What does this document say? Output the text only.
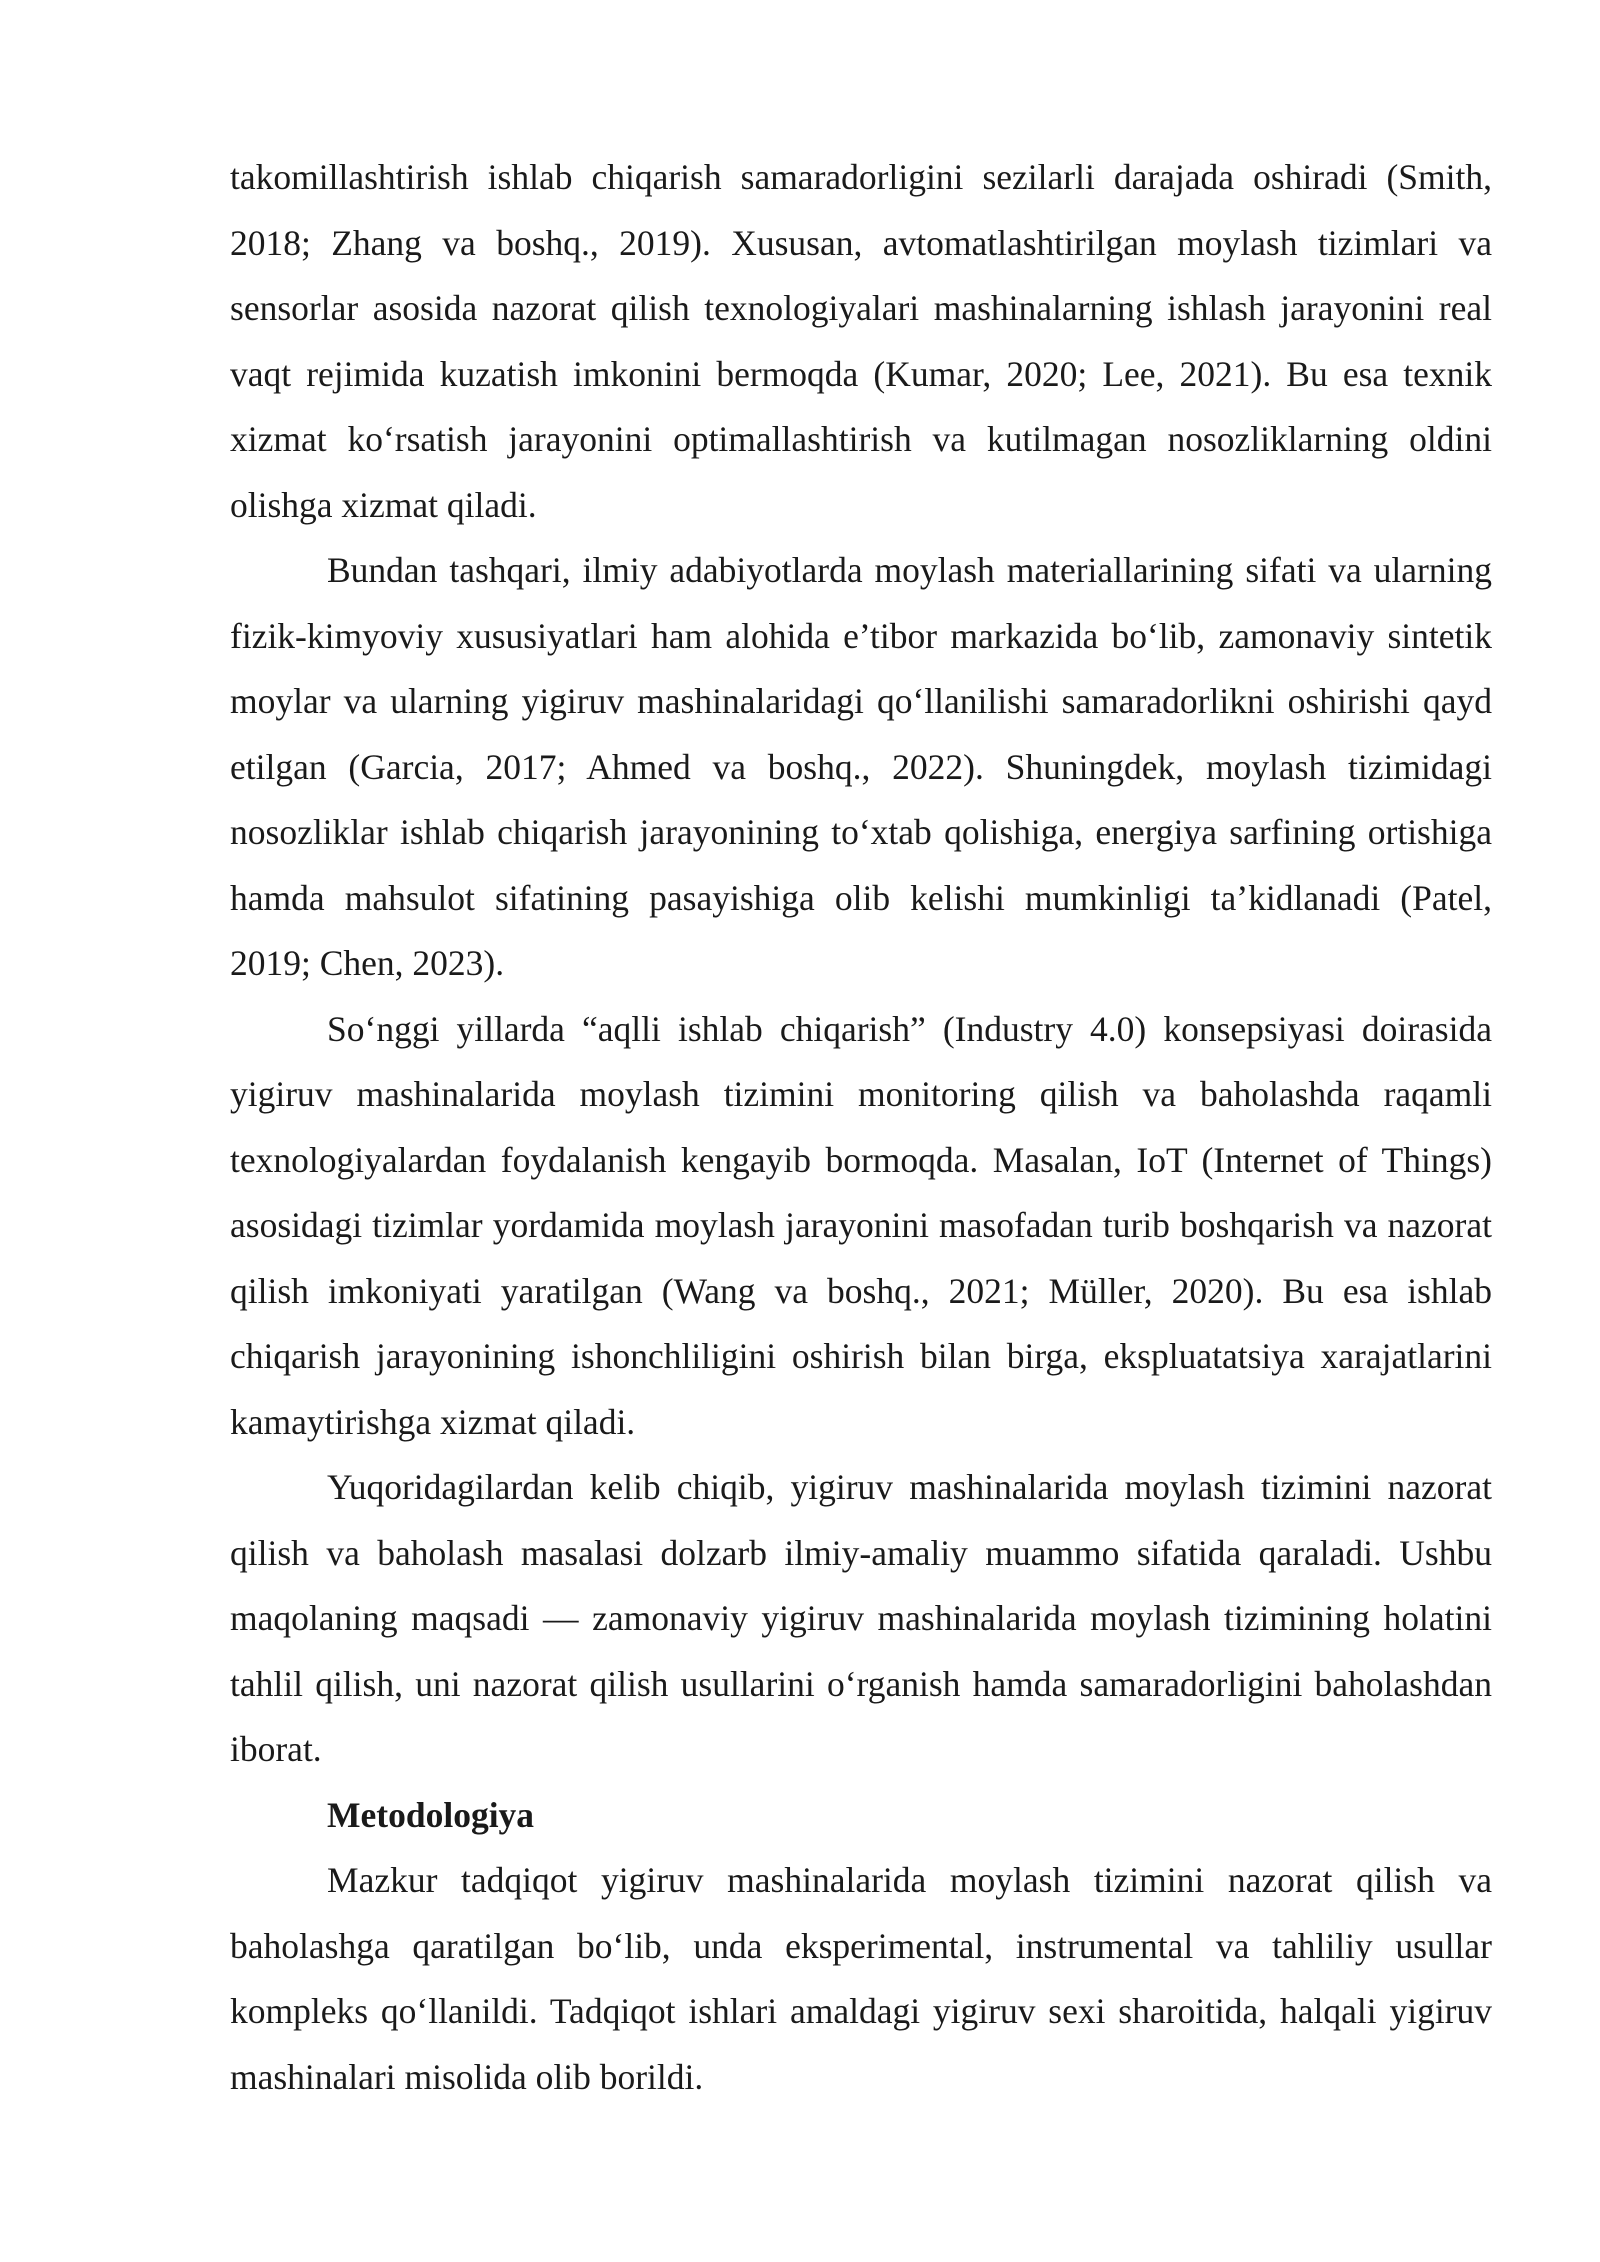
takomillashtirish ishlab chiqarish samaradorligini sezilarli darajada oshiradi (Smith, 2018; Zhang va boshq., 2019). Xususan, avtomatlashtirilgan moylash tizimlari va sensorlar asosida nazorat qilish texnologiyalari mashinalarning ishlash jarayonini real vaqt rejimida kuzatish imkonini bermoqda (Kumar, 2020; Lee, 2021). Bu esa texnik xizmat ko‘rsatish jarayonini optimallashtirish va kutilmagan nosozliklarning oldini olishga xizmat qiladi.

Bundan tashqari, ilmiy adabiyotlarda moylash materiallarining sifati va ularning fizik-kimyoviy xususiyatlari ham alohida e’tibor markazida bo‘lib, zamonaviy sintetik moylar va ularning yigiruv mashinalaridagi qo‘llanilishi samaradorlikni oshirishi qayd etilgan (Garcia, 2017; Ahmed va boshq., 2022). Shuningdek, moylash tizimidagi nosozliklar ishlab chiqarish jarayonining to‘xtab qolishiga, energiya sarfining ortishiga hamda mahsulot sifatining pasayishiga olib kelishi mumkinligi ta’kidlanadi (Patel, 2019; Chen, 2023).

So‘nggi yillarda “aqlli ishlab chiqarish” (Industry 4.0) konsepsiyasi doirasida yigiruv mashinalarida moylash tizimini monitoring qilish va baholashda raqamli texnologiyalardan foydalanish kengayib bormoqda. Masalan, IoT (Internet of Things) asosidagi tizimlar yordamida moylash jarayonini masofadan turib boshqarish va nazorat qilish imkoniyati yaratilgan (Wang va boshq., 2021; Müller, 2020). Bu esa ishlab chiqarish jarayonining ishonchliligini oshirish bilan birga, ekspluatatsiya xarajatlarini kamaytirishga xizmat qiladi.

Yuqoridagilardan kelib chiqib, yigiruv mashinalarida moylash tizimini nazorat qilish va baholash masalasi dolzarb ilmiy-amaliy muammo sifatida qaraladi. Ushbu maqolaning maqsadi — zamonaviy yigiruv mashinalarida moylash tizimining holatini tahlil qilish, uni nazorat qilish usullarini o‘rganish hamda samaradorligini baholashdan iborat.

Metodologiya

Mazkur tadqiqot yigiruv mashinalarida moylash tizimini nazorat qilish va baholashga qaratilgan bo‘lib, unda eksperimental, instrumental va tahliliy usullar kompleks qo‘llanildi. Tadqiqot ishlari amaldagi yigiruv sexi sharoitida, halqali yigiruv mashinalari misolida olib borildi.
